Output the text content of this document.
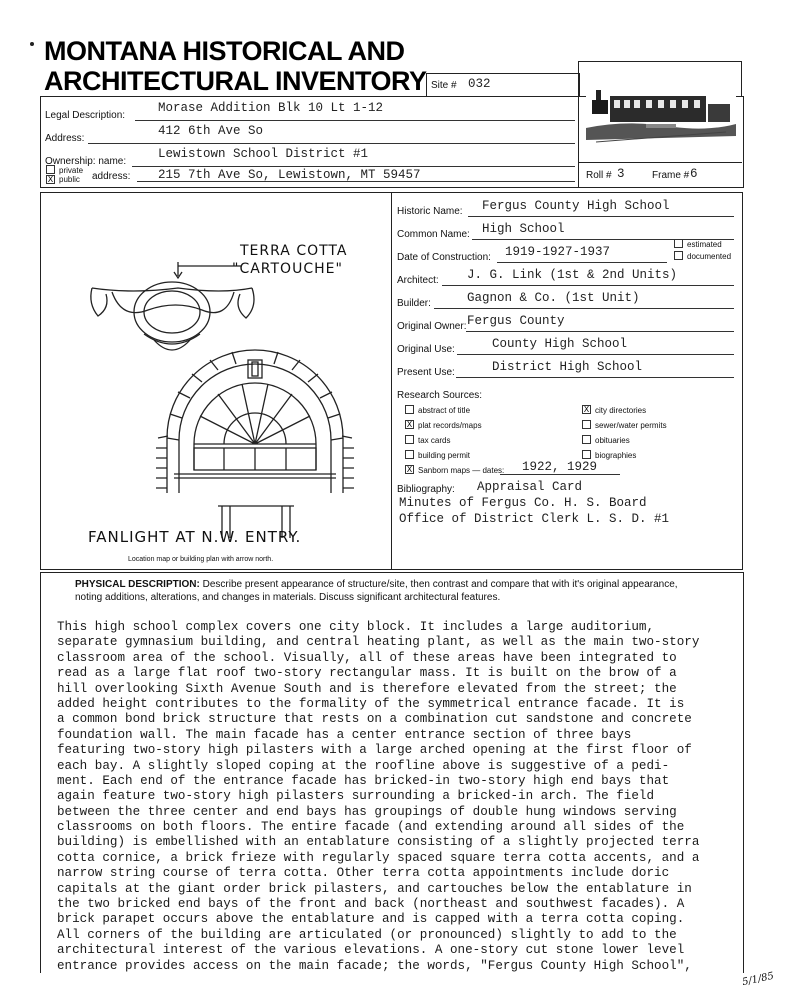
MONTANA HISTORICAL AND
ARCHITECTURAL INVENTORY Site # 032
Legal Description:
Morase Addition Blk 10 Lt 1-12
Address:
412 6th Ave So
Ownership: name:
Lewistown School District #1
private
X public	address: 215 7th Ave So, Lewistown, MT 59457	Roll # 3	Frame # 6
TERRA COTTA
"CARTOUCHE"
FANLIGHT AT N.W. ENTRY.
Location map or building plan with arrow north.
Historic Name: Fergus County High School
Common Name: High School
Date of Construction: 1919-1927-1937
estimated
documented
Architect: J. G. Link (1st & 2nd Units)
Builder:	Gagnon & Co. (1st Unit)
Original Owner: Fergus County
Original Use:	County High School
Present Use:	District High School
Research Sources:
abstract of title
X plat records/maps
tax cards
building permit
X Sanborn maps — dates: 1922, 1929
X city directories
sewer/water permits
obituaries
biographies
Bibliography: Appraisal Card
Minutes of Fergus Co. H. S. Board
Office of District Clerk L. S. D. #1
PHYSICAL DESCRIPTION: Describe present appearance of structure/site, then contrast and compare that with it's original appearance,
noting additions, alterations, and changes in materials. Discuss significant architectural features.
This high school complex covers one city block. It includes a large auditorium,
separate gymnasium building, and central heating plant, as well as the main two-story
classroom area of the school. Visually, all of these areas have been integrated to
read as a large flat roof two-story rectangular mass. It is built on the brow of a
hill overlooking Sixth Avenue South and is therefore elevated from the street; the
added height contributes to the formality of the symmetrical entrance facade. It is
a common bond brick structure that rests on a combination cut sandstone and concrete
foundation wall. The main facade has a center entrance section of three bays
featuring two-story high pilasters with a large arched opening at the first floor of
each bay. A slightly sloped coping at the roofline above is suggestive of a pedi-
ment. Each end of the entrance facade has bricked-in two-story high end bays that
again feature two-story high pilasters surrounding a bricked-in arch. The field
between the three center and end bays has groupings of double hung windows serving
classrooms on both floors. The entire facade (and extending around all sides of the
building) is embellished with an entablature consisting of a slightly projected terra
cotta cornice, a brick frieze with regularly spaced square terra cotta accents, and a
narrow string course of terra cotta. Other terra cotta appointments include doric
capitals at the giant order brick pilasters, and cartouches below the entablature in
the two bricked end bays of the front and back (northeast and southwest facades). A
brick parapet occurs above the entablature and is capped with a terra cotta coping.
All corners of the building are articulated (or pronounced) slightly to add to the
architectural interest of the various elevations. A one-story cut stone lower level
entrance provides access on the main facade; the words, "Fergus County High School",
5/1/85
